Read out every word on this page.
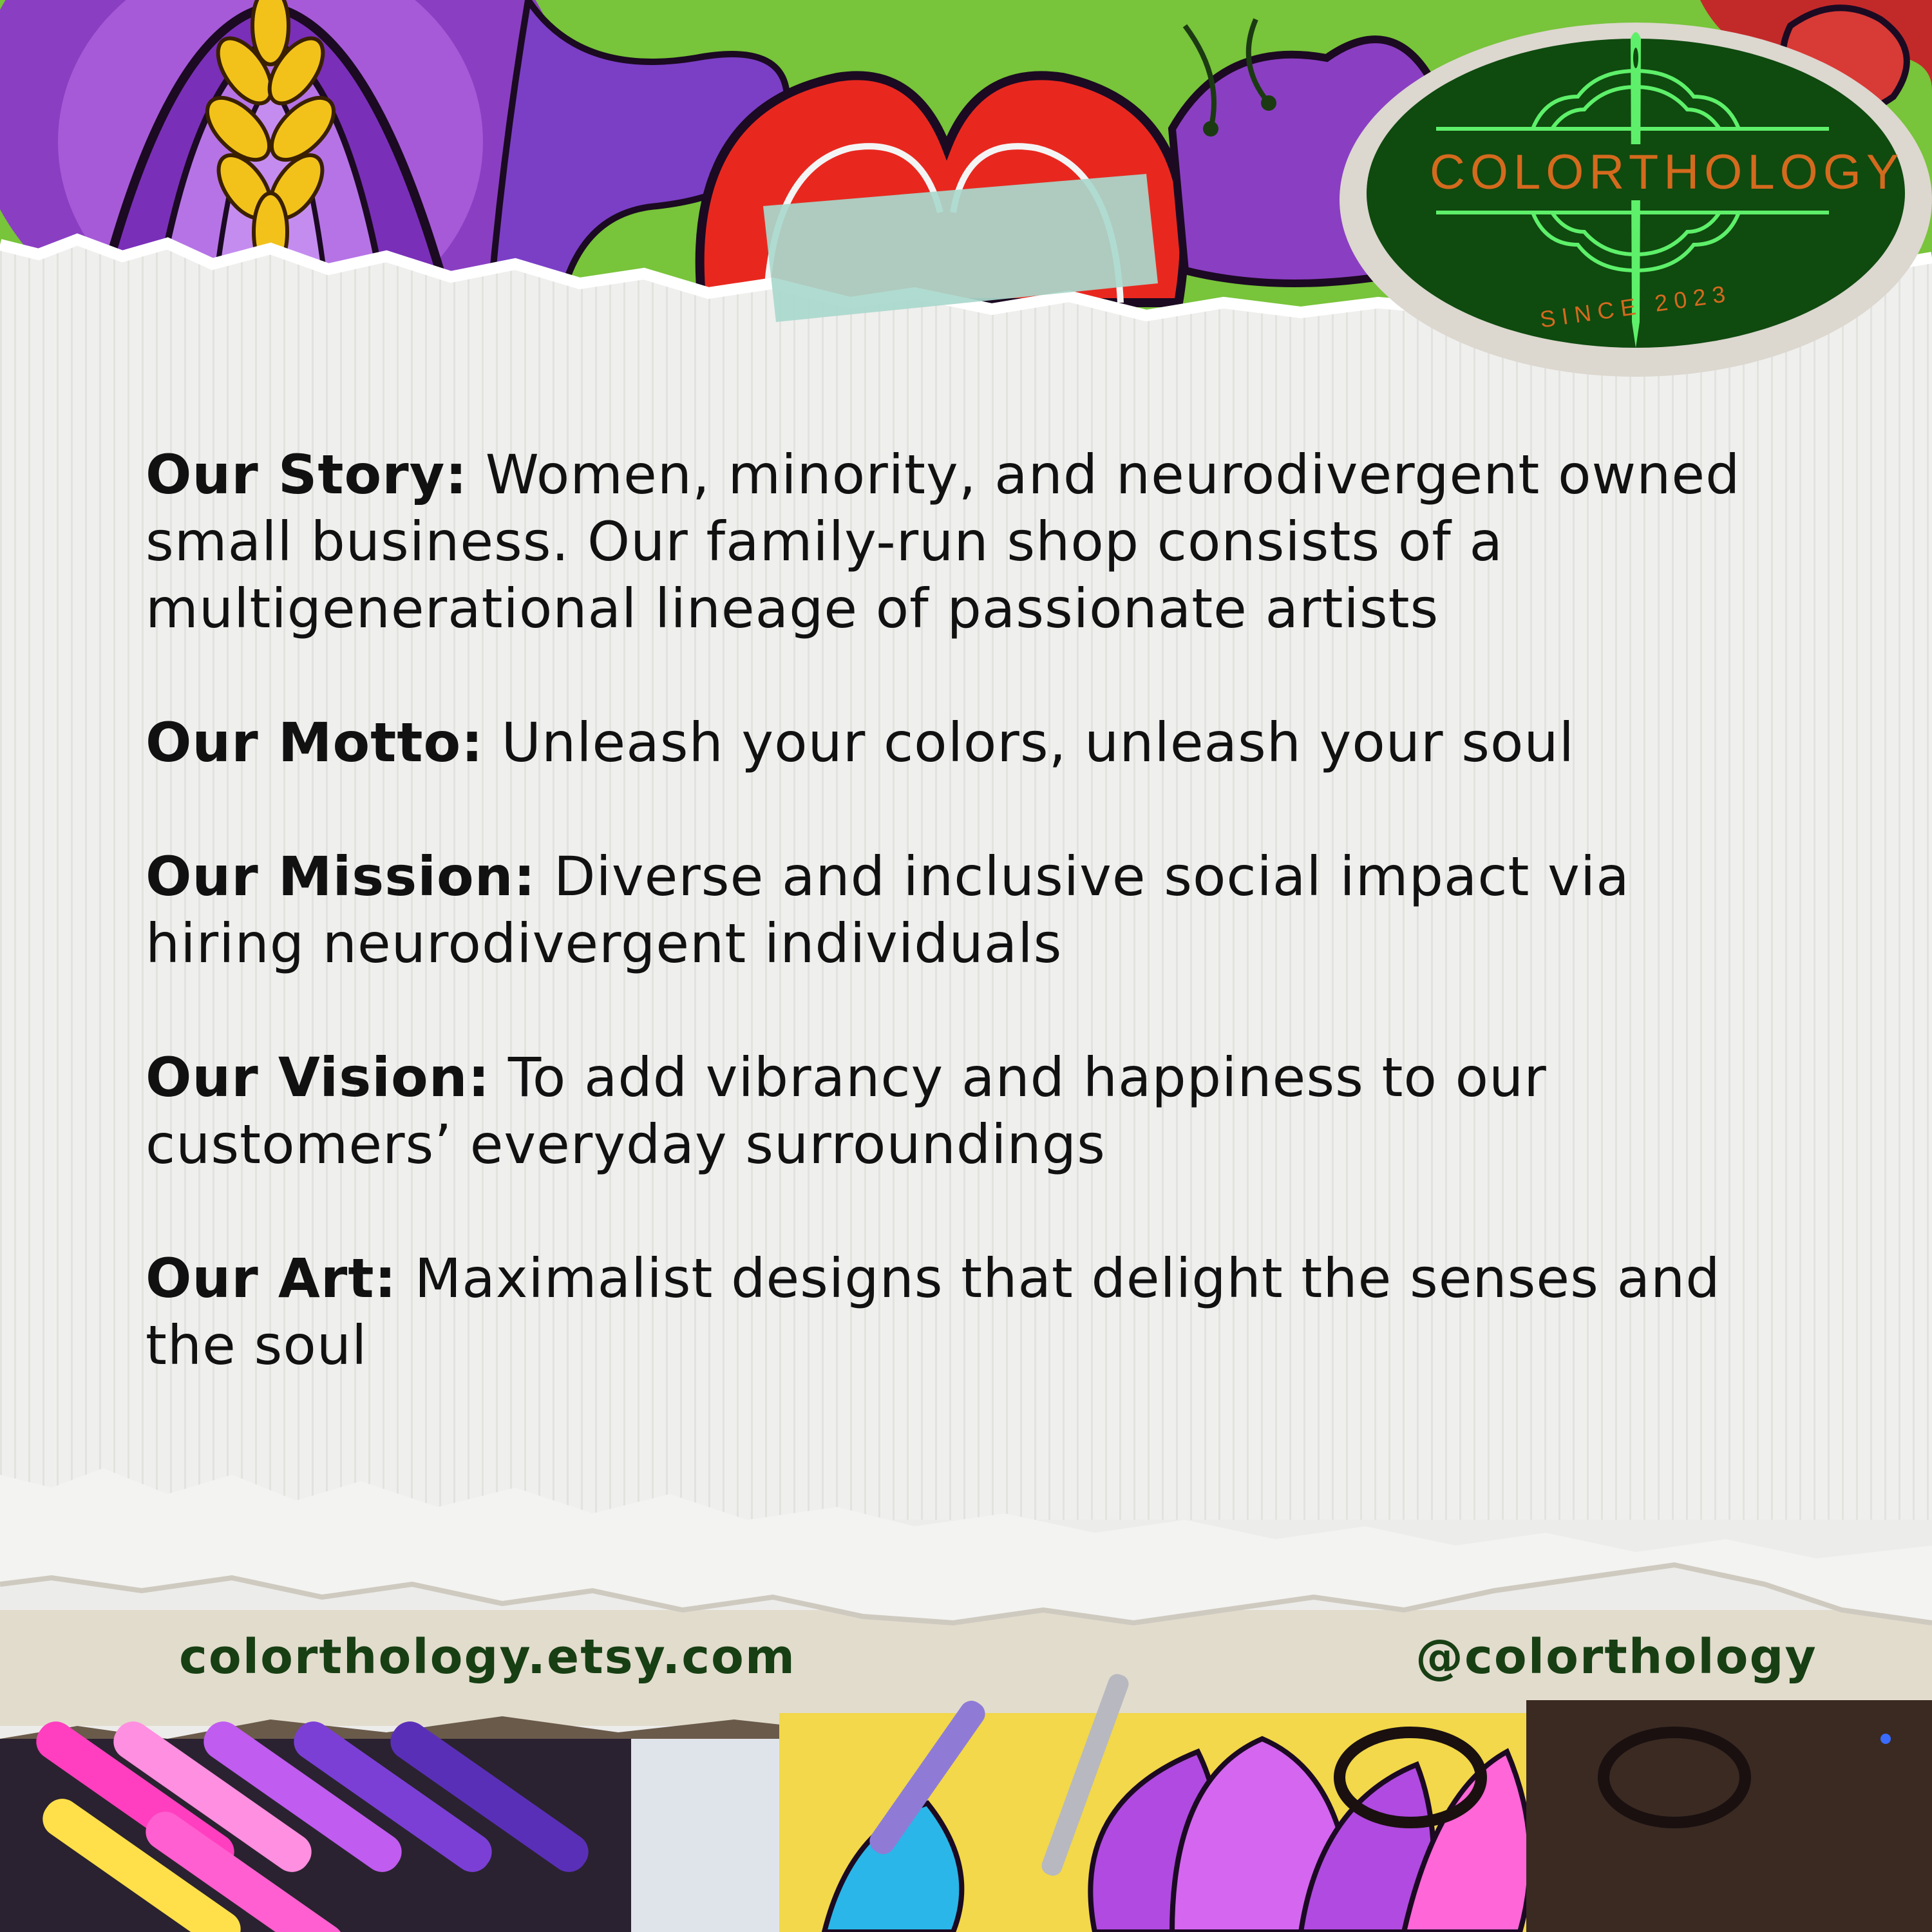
COLORTHOLOGY
SINCE 2023

Our Story: Women, minority, and neurodivergent owned small business. Our family-run shop consists of a multigenerational lineage of passionate artists

Our Motto: Unleash your colors, unleash your soul

Our Mission: Diverse and inclusive social impact via hiring neurodivergent individuals

Our Vision: To add vibrancy and happiness to our customers’ everyday surroundings

Our Art: Maximalist designs that delight the senses and the soul

colorthology.etsy.com	@colorthology
